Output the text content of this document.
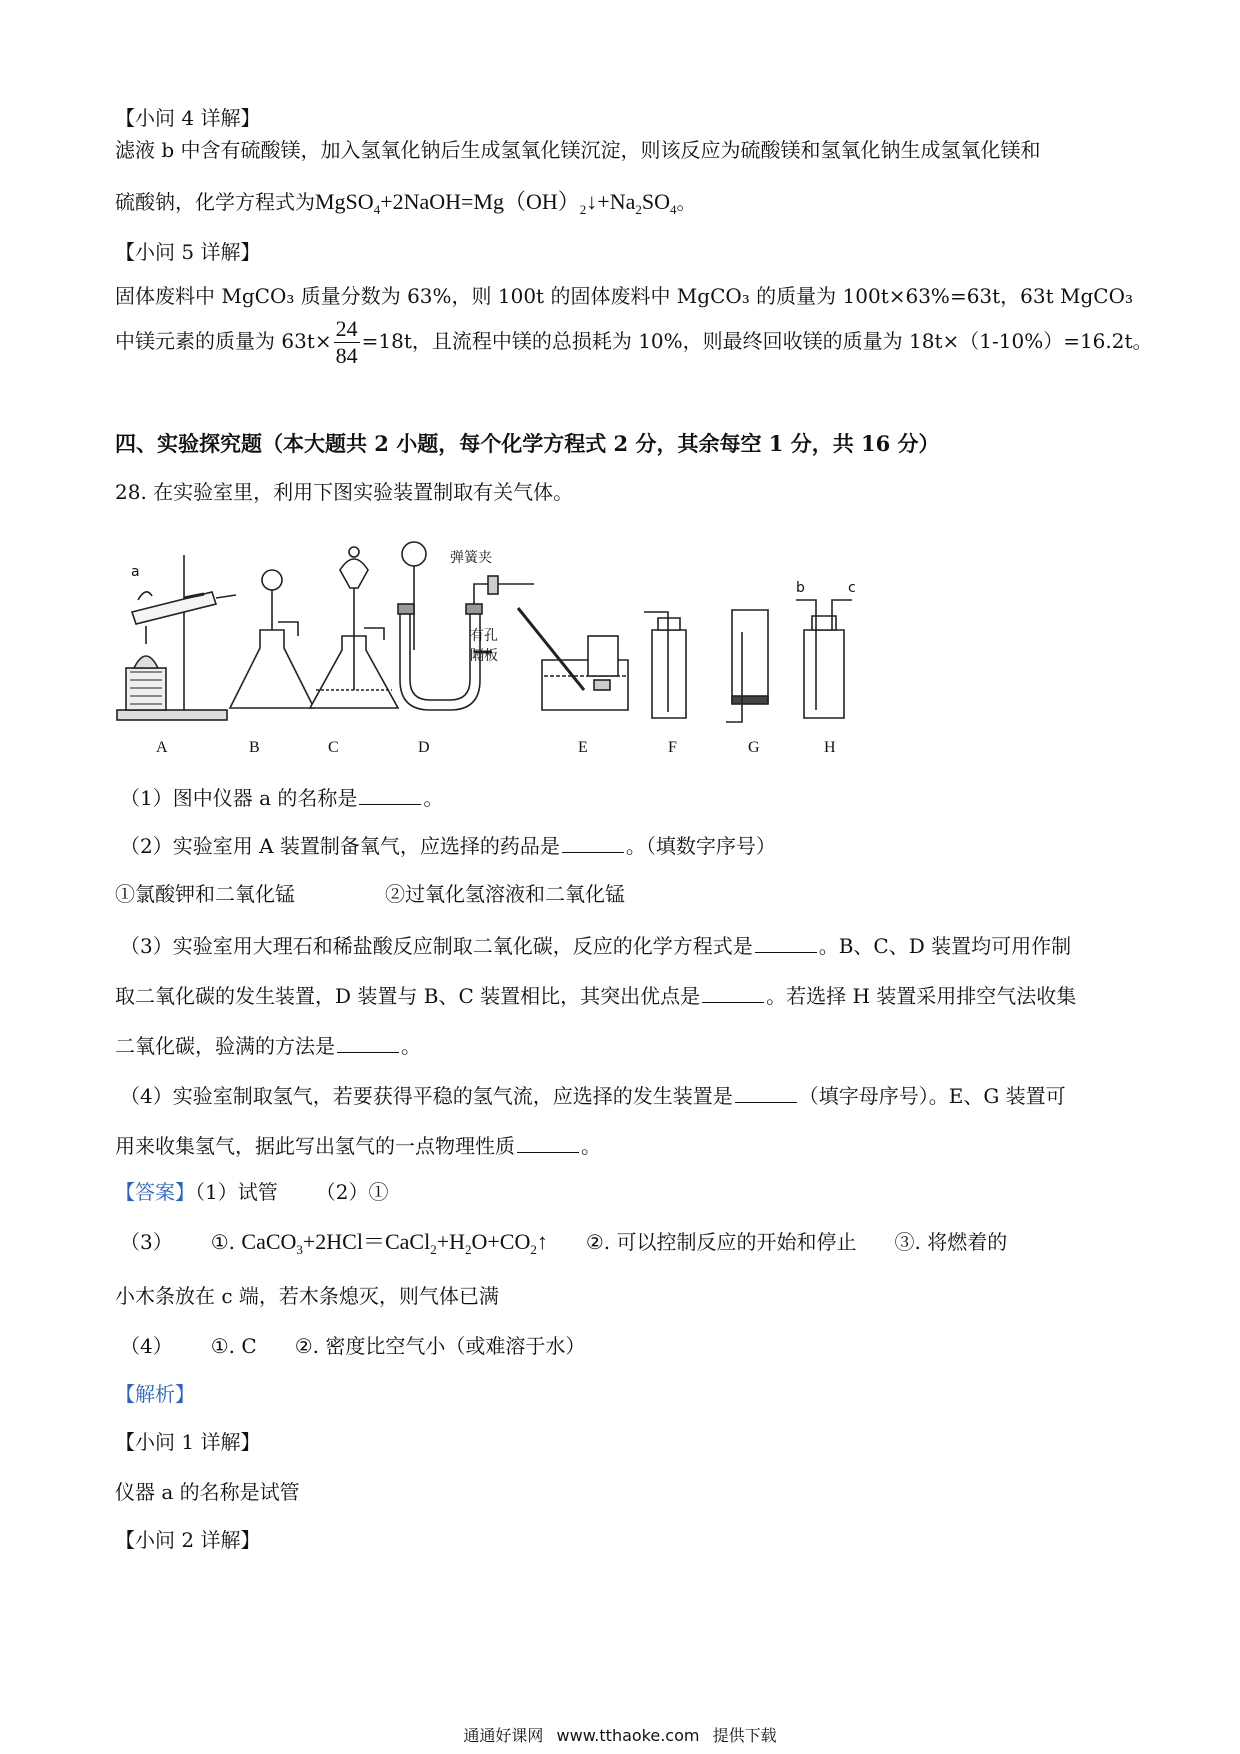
【小问 4 详解】
滤液 b 中含有硫酸镁，加入氢氧化钠后生成氢氧化镁沉淀，则该反应为硫酸镁和氢氧化钠生成氢氧化镁和
硫酸钠，化学方程式为$MgSO_4+2NaOH=Mg(OH)_2↓+Na_2SO_4$。
【小问 5 详解】
固体废料中 MgCO₃ 质量分数为 63%，则 100t 的固体废料中 MgCO₃ 的质量为 100t×63%=63t，63t MgCO₃
中镁元素的质量为 $63t\times \frac{24}{84} =18t$，且流程中镁的总损耗为 10%，则最终回收镁的质量为 18t×（1-10%）=16.2t。
四、实验探究题（本大题共 2 小题，每个化学方程式 2 分，其余每空 1 分，共 16 分）
28. 在实验室里，利用下图实验装置制取有关气体。
a
弹簧夹
有孔
隔板
b	c
A	B	C	D	E	F	G	H
（1）图中仪器 a 的名称是	。
（2）实验室用 A 装置制备氧气，应选择的药品是	。（填数字序号）
①氯酸钾和二氧化锰	②过氧化氢溶液和二氧化锰
（3）实验室用大理石和稀盐酸反应制取二氧化碳，反应的化学方程式是	。B、C、D 装置均可用作制
取二氧化碳的发生装置，D 装置与 B、C 装置相比，其突出优点是	。若选择 H 装置采用排空气法收集
二氧化碳，验满的方法是	。
（4）实验室制取氢气，若要获得平稳的氢气流，应选择的发生装置是	（填字母序号）。E、G 装置可
用来收集氢气，据此写出氢气的一点物理性质	。
【答案】（1）试管 （2）①
（3） ①. $CaCO_3+2HCl=CaCl_2+H_2O+CO_2↑$ ②. 可以控制反应的开始和停止 ③. 将燃着的
小木条放在 c 端，若木条熄灭，则气体已满
（4） ①. C ②. 密度比空气小（或难溶于水）
【解析】
【小问 1 详解】
仪器 a 的名称是试管
【小问 2 详解】
通通好课网 www.tthaoke.com 提供下载
